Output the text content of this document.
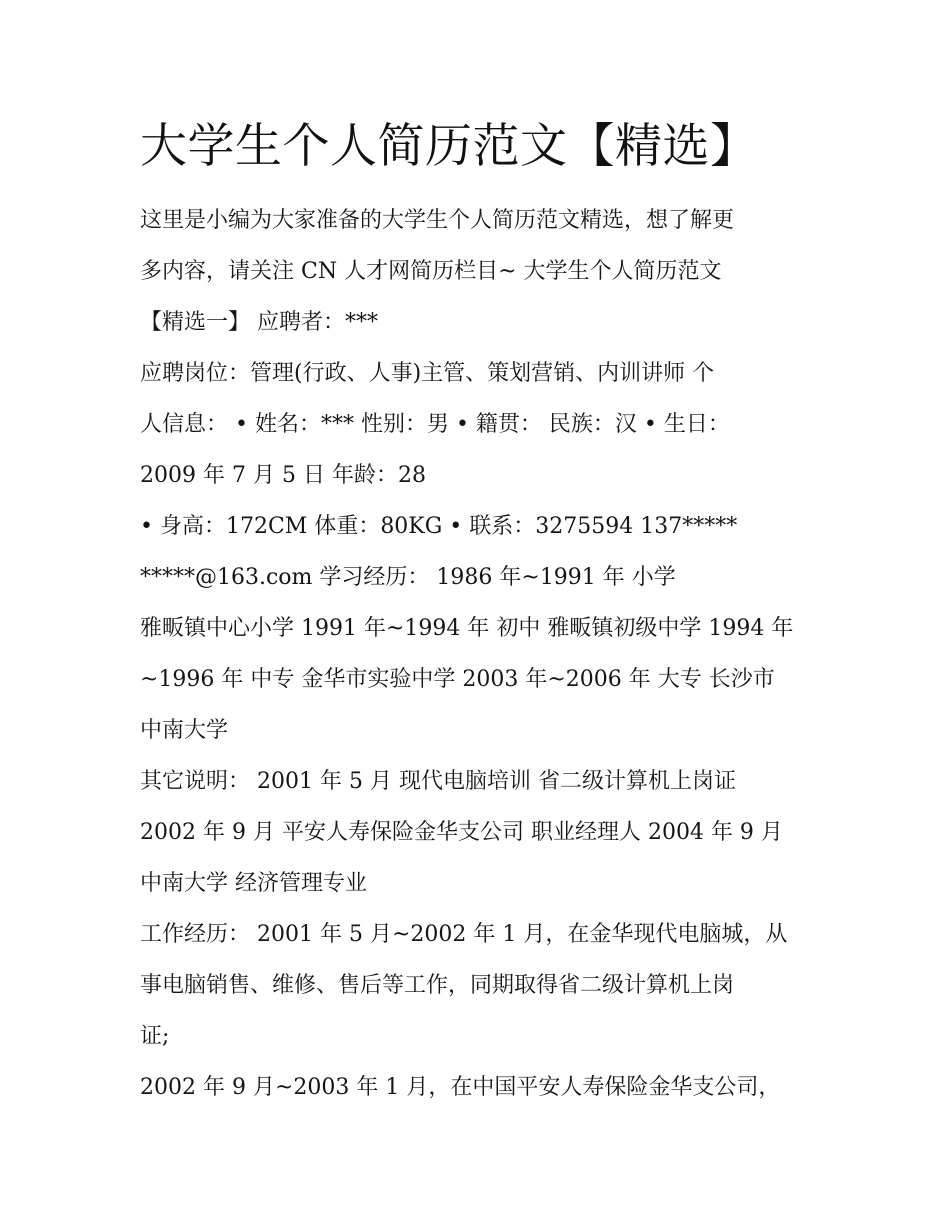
大学生个人简历范文【精选】
这里是小编为大家准备的大学生个人简历范文精选，想了解更
多内容，请关注 CN 人才网简历栏目~ 大学生个人简历范文
【精选一】 应聘者：***
应聘岗位：管理(行政、人事)主管、策划营销、内训讲师 个
人信息： • 姓名：*** 性别：男 • 籍贯： 民族：汉 • 生日：
2009 年 7 月 5 日 年龄：28
• 身高：172CM 体重：80KG • 联系：3275594 137*****
*****@163.com 学习经历： 1986 年~1991 年 小学
雅畈镇中心小学 1991 年~1994 年 初中 雅畈镇初级中学 1994 年
~1996 年 中专 金华市实验中学 2003 年~2006 年 大专 长沙市
中南大学
其它说明： 2001 年 5 月 现代电脑培训 省二级计算机上岗证
2002 年 9 月 平安人寿保险金华支公司 职业经理人 2004 年 9 月
中南大学 经济管理专业
工作经历： 2001 年 5 月~2002 年 1 月，在金华现代电脑城，从
事电脑销售、维修、售后等工作，同期取得省二级计算机上岗
证;
2002 年 9 月~2003 年 1 月，在中国平安人寿保险金华支公司，
